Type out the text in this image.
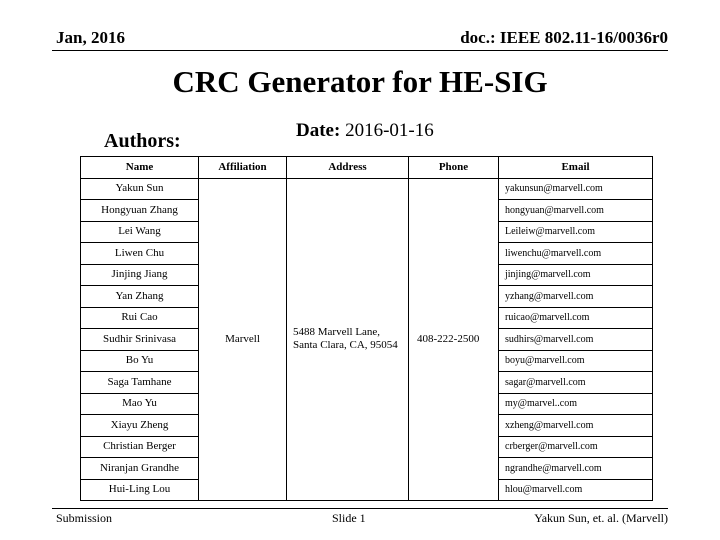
Jan, 2016	doc.: IEEE 802.11-16/0036r0
CRC Generator for HE-SIG
Date: 2016-01-16
Authors:
Name	Affiliation	Address	Phone	Email
Yakun Sun	Marvell	5488 Marvell Lane, Santa Clara, CA, 95054	408-222-2500	yakunsun@marvell.com
Hongyuan Zhang				hongyuan@marvell.com
Lei Wang				Leileiw@marvell.com
Liwen Chu				liwenchu@marvell.com
Jinjing Jiang				jinjing@marvell.com
Yan Zhang				yzhang@marvell.com
Rui Cao				ruicao@marvell.com
Sudhir Srinivasa				sudhirs@marvell.com
Bo Yu				boyu@marvell.com
Saga Tamhane				sagar@marvell.com
Mao Yu				my@marvel..com
Xiayu Zheng				xzheng@marvell.com
Christian Berger				crberger@marvell.com
Niranjan Grandhe				ngrandhe@marvell.com
Hui-Ling Lou				hlou@marvell.com
Submission	Slide 1	Yakun Sun, et. al. (Marvell)
